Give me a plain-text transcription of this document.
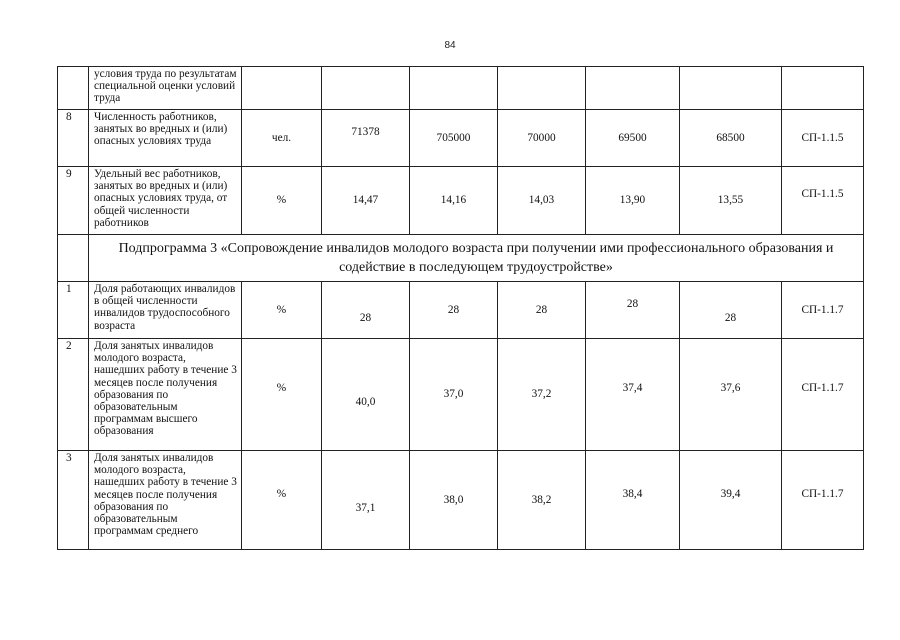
84
	условия труда по результатам специальной оценки условий труда							
8	Численность работников, занятых во вредных и (или) опасных условиях труда	чел.	71378	705000	70000	69500	68500	СП-1.1.5
9	Удельный вес работников, занятых во вредных и (или) опасных условиях труда, от общей численности работников	%	14,47	14,16	14,03	13,90	13,55	СП-1.1.5
	Подпрограмма 3 «Сопровождение инвалидов молодого возраста при получении ими профессионального образования и содействие в последующем трудоустройстве»							
1	Доля работающих инвалидов в общей численности инвалидов трудоспособного возраста	%	28	28	28	28	28	СП-1.1.7
2	Доля занятых инвалидов молодого возраста, нашедших работу в течение 3 месяцев после получения образования по образовательным программам высшего образования	%	40,0	37,0	37,2	37,4	37,6	СП-1.1.7
3	Доля занятых инвалидов молодого возраста, нашедших работу в течение 3 месяцев после получения образования по образовательным программам среднего	%	37,1	38,0	38,2	38,4	39,4	СП-1.1.7
